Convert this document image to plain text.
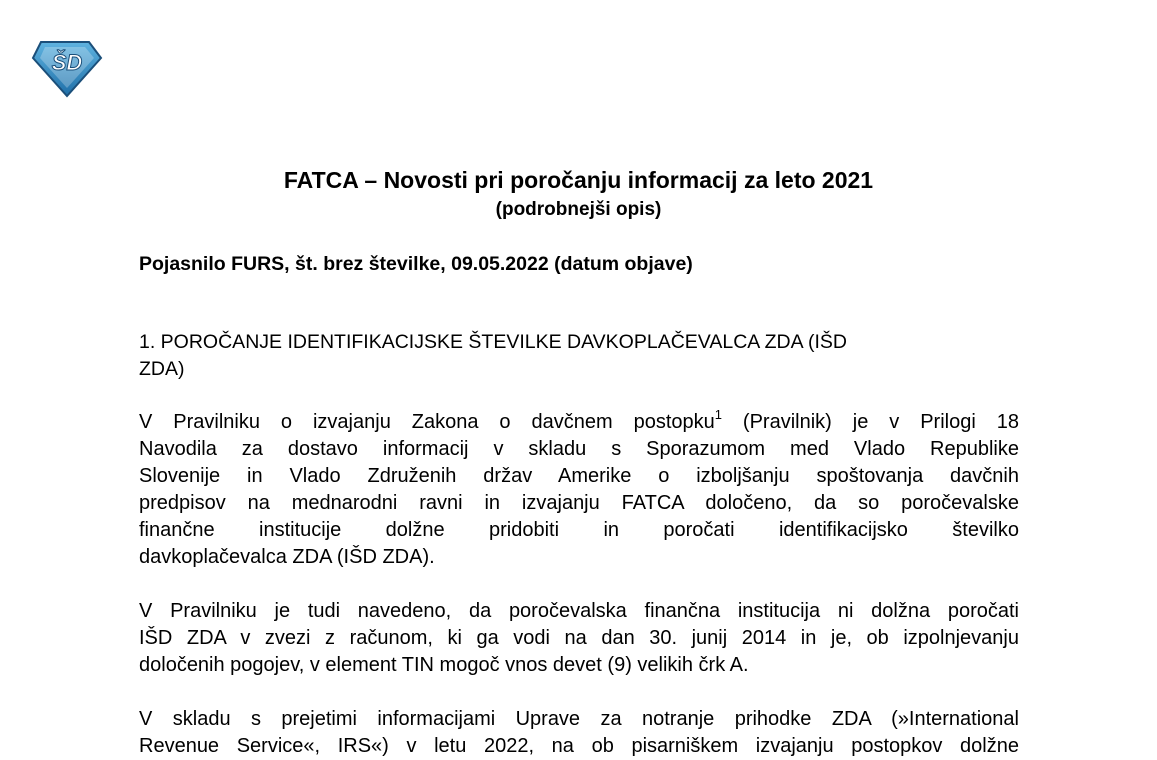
ŠD
FATCA – Novosti pri poročanju informacij za leto 2021
(podrobnejši opis)
Pojasnilo FURS, št. brez številke, 09.05.2022 (datum objave)
1. POROČANJE IDENTIFIKACIJSKE ŠTEVILKE DAVKOPLAČEVALCA ZDA (IŠD
ZDA)
V Pravilniku o izvajanju Zakona o davčnem postopku$^1$ (Pravilnik) je v Prilogi 18
Navodila za dostavo informacij v skladu s Sporazumom med Vlado Republike
Slovenije in Vlado Združenih držav Amerike o izboljšanju spoštovanja davčnih
predpisov na mednarodni ravni in izvajanju FATCA določeno, da so poročevalske
finančne institucije dolžne pridobiti in poročati identifikacijsko številko
davkoplačevalca ZDA (IŠD ZDA).
V Pravilniku je tudi navedeno, da poročevalska finančna institucija ni dolžna poročati
IŠD ZDA v zvezi z računom, ki ga vodi na dan 30. junij 2014 in je, ob izpolnjevanju
določenih pogojev, v element TIN mogoč vnos devet (9) velikih črk A.
V skladu s prejetimi informacijami Uprave za notranje prihodke ZDA (»International
Revenue Service«, IRS«) v letu 2022, na ob pisarniškem izvajanju postopkov dolžne
